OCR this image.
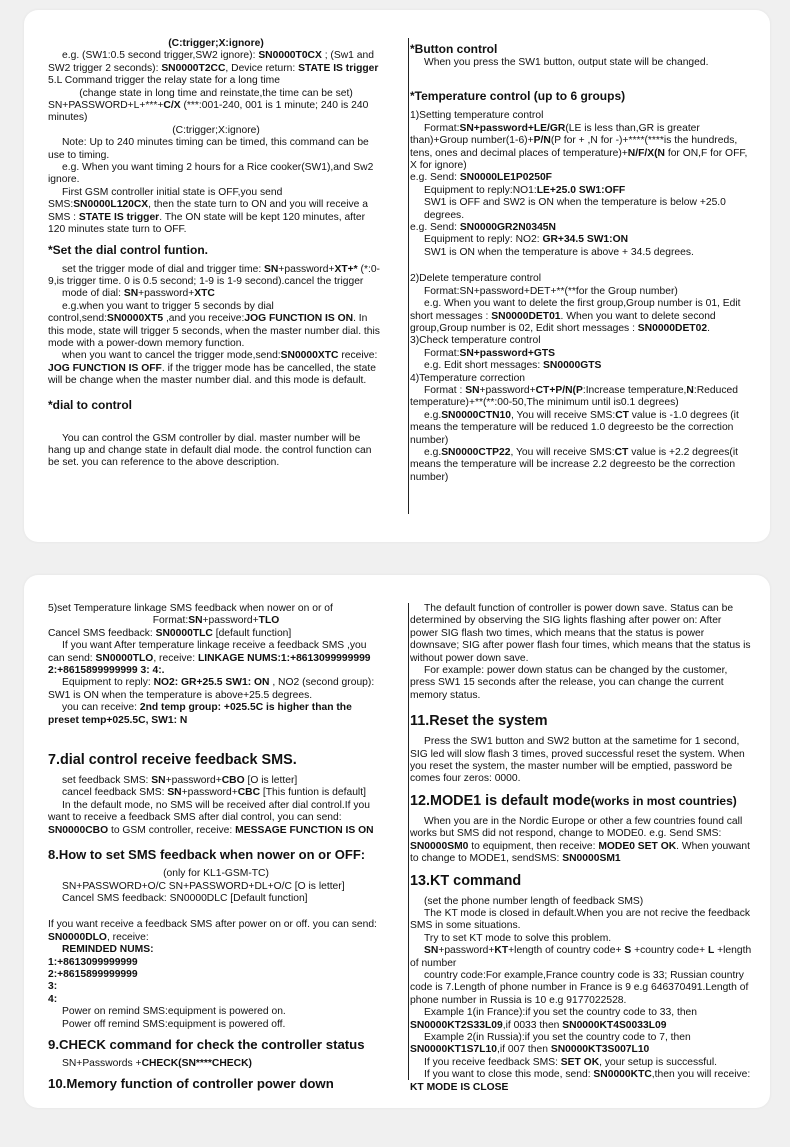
(C:trigger;X:ignore)

e.g. (SW1:0.5 second trigger,SW2 ignore): SN0000T0CX ; (Sw1 and SW2 trigger 2 seconds): SN0000T2CC, Device return: STATE IS trigger

5.L Command trigger the relay state for a long time

(change state in long time and reinstate,the time can be set)

SN+PASSWORD+L+***+C/X (***:001-240, 001 is 1 minute; 240 is 240 minutes)

(C:trigger;X:ignore)

Note: Up to 240 minutes timing can be timed, this command can be use to timing.

e.g. When you want timing 2 hours for a Rice cooker(SW1),and Sw2 ignore.

First GSM controller initial state is OFF,you send SMS:SN0000L120CX, then the state turn to ON and you will receive a SMS : STATE IS trigger. The ON state will be kept 120 minutes, after 120 minutes state turn to OFF.

*Set the dial control funtion.

set the trigger mode of dial and trigger time: SN+password+XT+* (*:0-9,is trigger time. 0 is 0.5 second; 1-9 is 1-9 second).cancel the trigger

mode of dial: SN+password+XTC

e.g.when you want to trigger 5 seconds by dial control,send:SN0000XT5 ,and you receive:JOG FUNCTION IS ON. In this mode, state will trigger 5 seconds, when the master number dial. this mode with a power-down memory function.

when you want to cancel the trigger mode,send:SN0000XTC receive: JOG FUNCTION IS OFF. if the trigger mode has be cancelled, the state will be change when the master number dial. and this mode is default.

*dial to control

You can control the GSM controller by dial. master number will be hang up and change state in default dial mode. the control function can be set. you can reference to the above description.

*Button control

When you press the SW1 button, output state will be changed.

*Temperature control (up to 6 groups)

1)Setting temperature control

Format:SN+password+LE/GR(LE is less than,GR is greater than)+Group number(1-6)+P/N(P for + ,N for -)+****(****is the hundreds, tens, ones and decimal places of temperature)+N/F/X(N for ON,F for OFF, X for ignore)

e.g. Send: SN0000LE1P0250F

Equipment to reply:NO1:LE+25.0 SW1:OFF

SW1 is OFF and SW2 is ON when the temperature is below +25.0 degrees.

e.g. Send: SN0000GR2N0345N

Equipment to reply: NO2: GR+34.5 SW1:ON

SW1 is ON when the temperature is above + 34.5 degrees.

2)Delete temperature control

Format:SN+password+DET+**(**for the Group number)

e.g. When you want to delete the first group,Group number is 01, Edit short messages : SN0000DET01. When you want to delete second group,Group number is 02, Edit short messages : SN0000DET02.

3)Check temperature control

Format:SN+password+GTS

e.g. Edit short messages: SN0000GTS

4)Temperature correction

Format : SN+password+CT+P/N(P:Increase temperature,N:Reduced temperature)+**(**:00-50,The minimum until is0.1 degrees)

e.g.SN0000CTN10, You will receive SMS:CT value is -1.0 degrees (it means the temperature will be reduced 1.0 degreesto be the correction number)

e.g.SN0000CTP22, You will receive SMS:CT value is +2.2 degrees(it means the temperature will be increase 2.2 degreesto be the correction number)

5)set Temperature linkage SMS feedback when nower on or of

Format:SN+password+TLO

Cancel SMS feedback: SN0000TLC [default function]

If you want After temperature linkage receive a feedback SMS ,you can send: SN0000TLO, receive: LINKAGE NUMS:1:+8613099999999 2:+8615899999999 3: 4:.

Equipment to reply: NO2: GR+25.5 SW1: ON , NO2 (second group): SW1 is ON when the temperature is above+25.5 degrees.

you can receive: 2nd temp group: +025.5C is higher than the preset temp+025.5C, SW1: N

7.dial control receive feedback SMS.

set feedback SMS: SN+password+CBO [O is letter]

cancel feedback SMS: SN+password+CBC [This funtion is default]

In the default mode, no SMS will be received after dial control.If you want to receive a feedback SMS after dial control, you can send: SN0000CBO to GSM controller, receive: MESSAGE FUNCTION IS ON

8.How to set SMS feedback when nower on or OFF:

(only for KL1-GSM-TC)

SN+PASSWORD+O/C SN+PASSWORD+DL+O/C [O is letter]

Cancel SMS feedback: SN0000DLC [Default function]

If you want receive a feedback SMS after power on or off. you can send: SN0000DLO, receive:

REMINDED NUMS:

1:+8613099999999

2:+8615899999999

3:

4:

Power on remind SMS:equipment is powered on.

Power off remind SMS:equipment is powered off.

9.CHECK command for check the controller status

SN+Passwords +CHECK(SN****CHECK)

10.Memory function of controller power down

The default function of controller is power down save. Status can be determined by observing the SIG lights flashing after power on: After power SIG flash two times, which means that the status is power downsave; SIG after power flash four times, which means that the status is without power down save.

For example: power down status can be changed by the customer, press SW1 15 seconds after the release, you can change the current memory status.

11.Reset the system

Press the SW1 button and SW2 button at the sametime for 1 second, SIG led will slow flash 3 times, proved successful reset the system. When you reset the system, the master number will be emptied, password be comes four zeros: 0000.

12.MODE1 is default mode(works in most countries)

When you are in the Nordic Europe or other a few countries found call works but SMS did not respond, change to MODE0. e.g. Send SMS: SN0000SM0 to equipment, then receive: MODE0 SET OK. When youwant to change to MODE1, sendSMS: SN0000SM1

13.KT command

(set the phone number length of feedback SMS)

The KT mode is closed in default.When you are not recive the feedback SMS in some situations.

Try to set KT mode to solve this problem.

SN+password+KT+length of country code+ S +country code+ L +length of number

country code:For example,France country code is 33; Russian country code is 7.Length of phone number in France is 9 e.g 646370491.Length of phone number in Russia is 10 e.g 9177022528.

Example 1(in France):if you set the country code to 33, then SN0000KT2S33L09,if 0033 then SN0000KT4S0033L09

Example 2(in Russia):if you set the country code to 7, then SN0000KT1S7L10,if 007 then SN0000KT3S007L10

If you receive feedback SMS: SET OK, your setup is successful.

If you want to close this mode, send: SN0000KTC,then you will receive: KT MODE IS CLOSE
